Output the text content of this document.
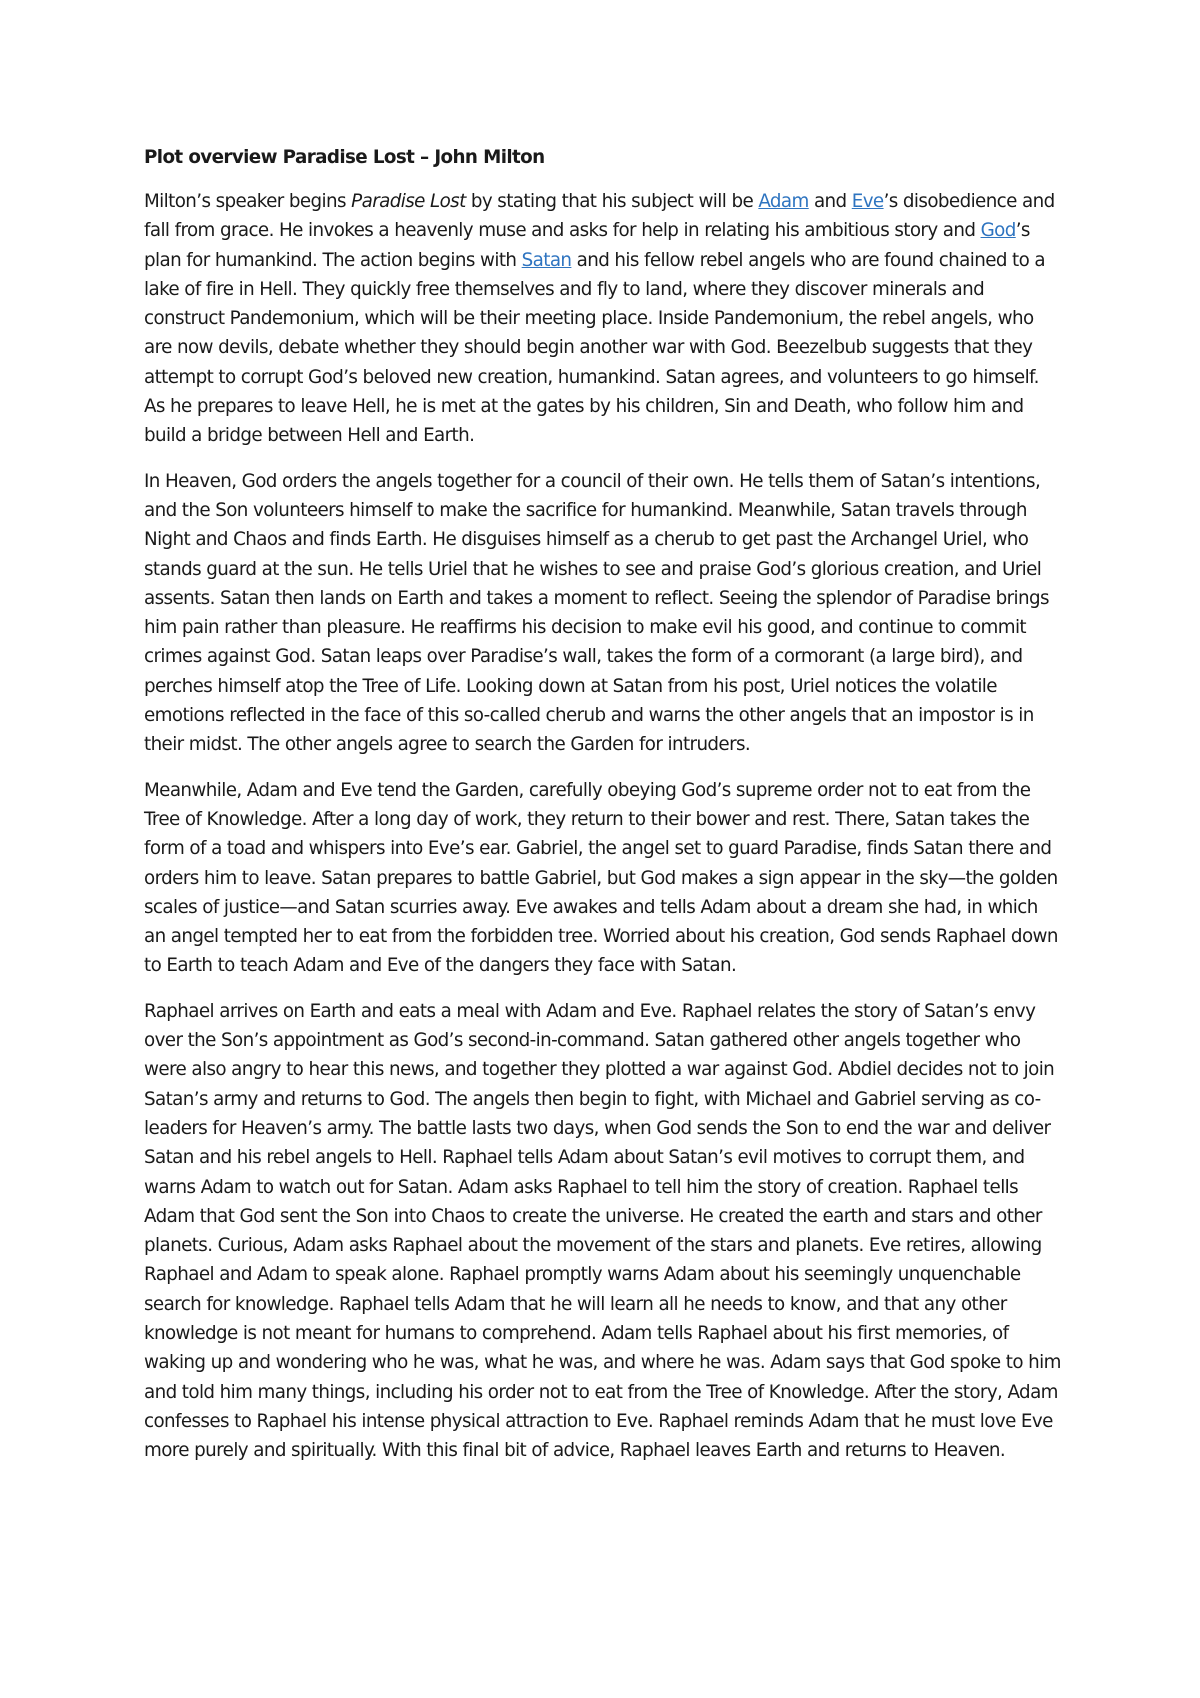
Plot overview Paradise Lost – John Milton

Milton’s speaker begins Paradise Lost by stating that his subject will be Adam and Eve’s disobedience and fall from grace. He invokes a heavenly muse and asks for help in relating his ambitious story and God’s plan for humankind. The action begins with Satan and his fellow rebel angels who are found chained to a lake of fire in Hell. They quickly free themselves and fly to land, where they discover minerals and construct Pandemonium, which will be their meeting place. Inside Pandemonium, the rebel angels, who are now devils, debate whether they should begin another war with God. Beezelbub suggests that they attempt to corrupt God’s beloved new creation, humankind. Satan agrees, and volunteers to go himself. As he prepares to leave Hell, he is met at the gates by his children, Sin and Death, who follow him and build a bridge between Hell and Earth.

In Heaven, God orders the angels together for a council of their own. He tells them of Satan’s intentions, and the Son volunteers himself to make the sacrifice for humankind. Meanwhile, Satan travels through Night and Chaos and finds Earth. He disguises himself as a cherub to get past the Archangel Uriel, who stands guard at the sun. He tells Uriel that he wishes to see and praise God’s glorious creation, and Uriel assents. Satan then lands on Earth and takes a moment to reflect. Seeing the splendor of Paradise brings him pain rather than pleasure. He reaffirms his decision to make evil his good, and continue to commit crimes against God. Satan leaps over Paradise’s wall, takes the form of a cormorant (a large bird), and perches himself atop the Tree of Life. Looking down at Satan from his post, Uriel notices the volatile emotions reflected in the face of this so-called cherub and warns the other angels that an impostor is in their midst. The other angels agree to search the Garden for intruders.

Meanwhile, Adam and Eve tend the Garden, carefully obeying God’s supreme order not to eat from the Tree of Knowledge. After a long day of work, they return to their bower and rest. There, Satan takes the form of a toad and whispers into Eve’s ear. Gabriel, the angel set to guard Paradise, finds Satan there and orders him to leave. Satan prepares to battle Gabriel, but God makes a sign appear in the sky—the golden scales of justice—and Satan scurries away. Eve awakes and tells Adam about a dream she had, in which an angel tempted her to eat from the forbidden tree. Worried about his creation, God sends Raphael down to Earth to teach Adam and Eve of the dangers they face with Satan.

Raphael arrives on Earth and eats a meal with Adam and Eve. Raphael relates the story of Satan’s envy over the Son’s appointment as God’s second-in-command. Satan gathered other angels together who were also angry to hear this news, and together they plotted a war against God. Abdiel decides not to join Satan’s army and returns to God. The angels then begin to fight, with Michael and Gabriel serving as co-leaders for Heaven’s army. The battle lasts two days, when God sends the Son to end the war and deliver Satan and his rebel angels to Hell. Raphael tells Adam about Satan’s evil motives to corrupt them, and warns Adam to watch out for Satan. Adam asks Raphael to tell him the story of creation. Raphael tells Adam that God sent the Son into Chaos to create the universe. He created the earth and stars and other planets. Curious, Adam asks Raphael about the movement of the stars and planets. Eve retires, allowing Raphael and Adam to speak alone. Raphael promptly warns Adam about his seemingly unquenchable search for knowledge. Raphael tells Adam that he will learn all he needs to know, and that any other knowledge is not meant for humans to comprehend. Adam tells Raphael about his first memories, of waking up and wondering who he was, what he was, and where he was. Adam says that God spoke to him and told him many things, including his order not to eat from the Tree of Knowledge. After the story, Adam confesses to Raphael his intense physical attraction to Eve. Raphael reminds Adam that he must love Eve more purely and spiritually. With this final bit of advice, Raphael leaves Earth and returns to Heaven.
